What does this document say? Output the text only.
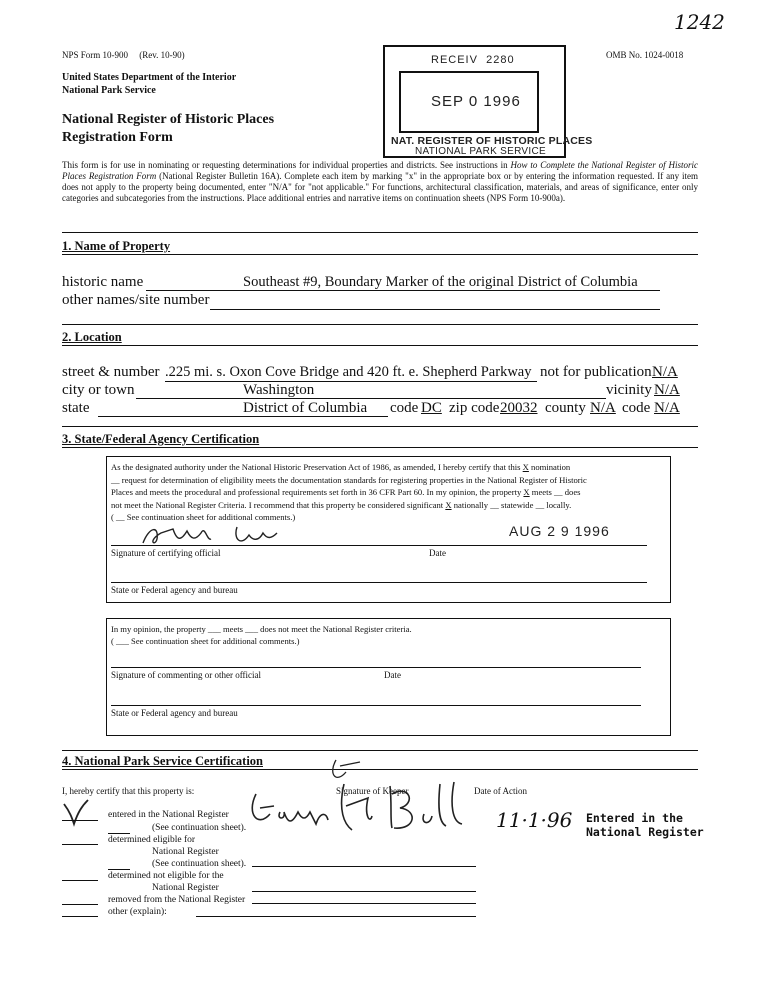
1242
NPS Form 10-900 (Rev. 10-90)	OMB No. 1024-0018
United States Department of the Interior
National Park Service
National Register of Historic Places
Registration Form
RECEIV 2280
SEP 0 1996
NAT. REGISTER OF HISTORIC PLACES
NATIONAL PARK SERVICE
This form is for use in nominating or requesting determinations for individual properties and districts. See instructions in How to Complete the National Register of Historic Places Registration Form (National Register Bulletin 16A). Complete each item by marking "x" in the appropriate box or by entering the information requested. If any item does not apply to the property being documented, enter "N/A" for "not applicable." For functions, architectural classification, materials, and areas of significance, enter only categories and subcategories from the instructions. Place additional entries and narrative items on continuation sheets (NPS Form 10-900a).
1. Name of Property
historic name	Southeast #9, Boundary Marker of the original District of Columbia
other names/site number
2. Location
street & number .225 mi. s. Oxon Cove Bridge and 420 ft. e. Shepherd Parkway not for publication N/A
city or town	Washington	vicinity N/A
state	District of Columbia	code DC zip code 20032 county N/A code N/A
3. State/Federal Agency Certification
As the designated authority under the National Historic Preservation Act of 1986, as amended, I hereby certify that this X nomination
__ request for determination of eligibility meets the documentation standards for registering properties in the National Register of Historic
Places and meets the procedural and professional requirements set forth in 36 CFR Part 60. In my opinion, the property X meets __ does
not meet the National Register Criteria. I recommend that this property be considered significant X nationally __ statewide __ locally.
( __ See continuation sheet for additional comments.)
AUG 2 9 1996
Signature of certifying official	Date
State or Federal agency and bureau
In my opinion, the property ___ meets ___ does not meet the National Register criteria.
( ___ See continuation sheet for additional comments.)
Signature of commenting or other official	Date
State or Federal agency and bureau
4. National Park Service Certification
I, hereby certify that this property is:	Signature of Keeper	Date of Action
11·1·96 Entered in the
National Register
entered in the National Register
(See continuation sheet).
determined eligible for
National Register
(See continuation sheet).
determined not eligible for the
National Register
removed from the National Register
other (explain):
